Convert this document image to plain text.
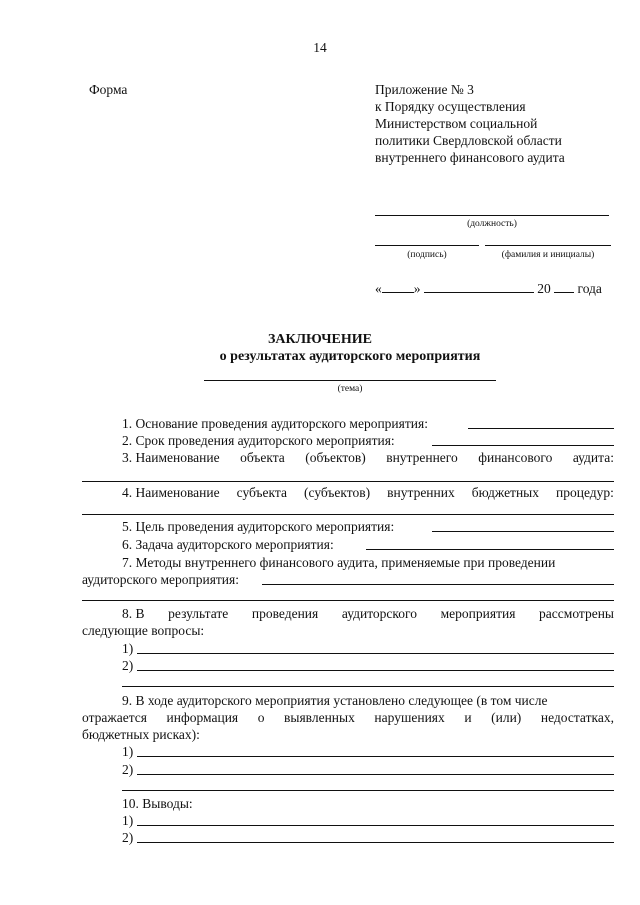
14
Форма	Приложение № 3
к Порядку осуществления
Министерством социальной
политики Свердловской области
внутреннего финансового аудита
(должность)
(подпись)	(фамилия и инициалы)
« »	20 года
ЗАКЛЮЧЕНИЕ
о результатах аудиторского мероприятия
(тема)
1. Основание проведения аудиторского мероприятия:
2. Срок проведения аудиторского мероприятия:
3. Наименование объекта (объектов) внутреннего финансового аудита:
4. Наименование субъекта (субъектов) внутренних бюджетных процедур:
5. Цель проведения аудиторского мероприятия:
6. Задача аудиторского мероприятия:
7. Методы внутреннего финансового аудита, применяемые при проведении
аудиторского мероприятия:
8. В результате проведения аудиторского мероприятия рассмотрены
следующие вопросы:
1)
2)
9. В ходе аудиторского мероприятия установлено следующее (в том числе
отражается информация о выявленных нарушениях и (или) недостатках,
бюджетных рисках):
1)
2)
10. Выводы:
1)
2)
